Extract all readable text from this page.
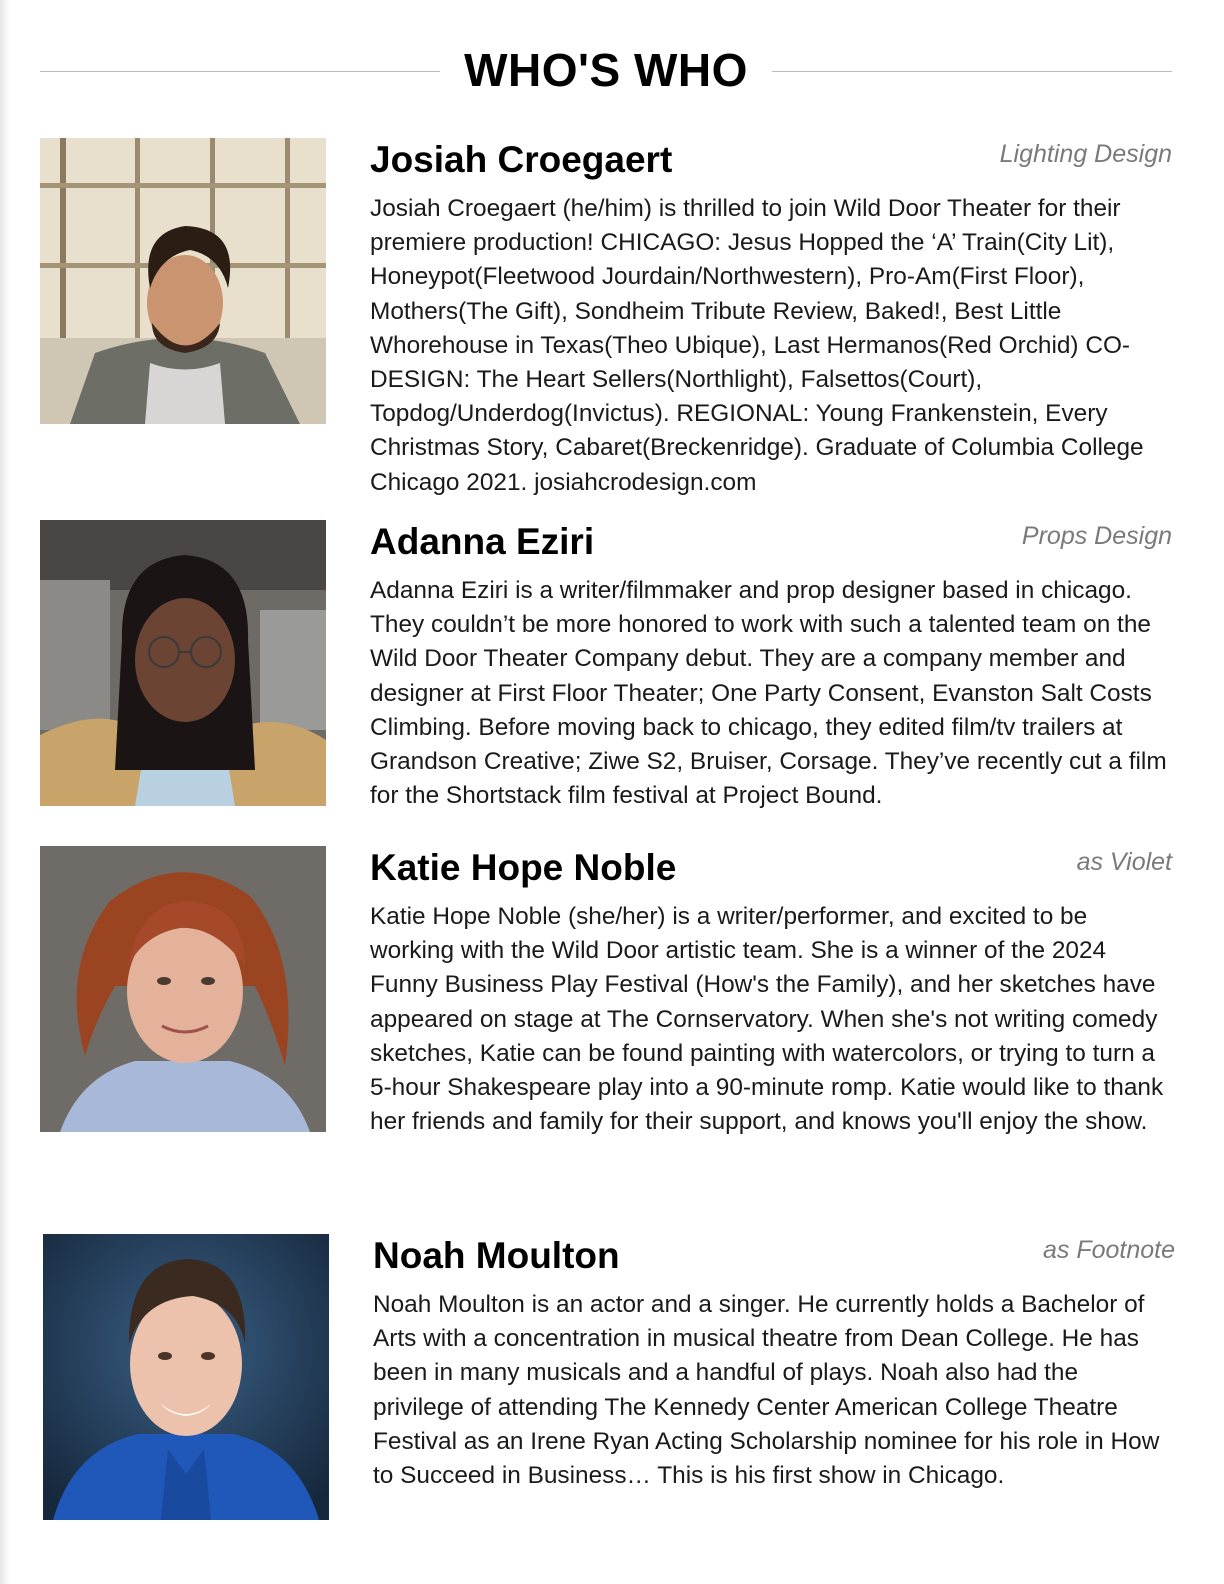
WHO'S WHO

Josiah Croegaert	Lighting Design

Josiah Croegaert (he/him) is thrilled to join Wild Door Theater for their premiere production! CHICAGO: Jesus Hopped the ‘A’ Train(City Lit), Honeypot(Fleetwood Jourdain/Northwestern), Pro-Am(First Floor), Mothers(The Gift), Sondheim Tribute Review, Baked!, Best Little Whorehouse in Texas(Theo Ubique), Last Hermanos(Red Orchid) CO-DESIGN: The Heart Sellers(Northlight), Falsettos(Court), Topdog/Underdog(Invictus). REGIONAL: Young Frankenstein, Every Christmas Story, Cabaret(Breckenridge). Graduate of Columbia College Chicago 2021. josiahcrodesign.com

Adanna Eziri	Props Design

Adanna Eziri is a writer/filmmaker and prop designer based in chicago. They couldn’t be more honored to work with such a talented team on the Wild Door Theater Company debut. They are a company member and designer at First Floor Theater; One Party Consent, Evanston Salt Costs Climbing. Before moving back to chicago, they edited film/tv trailers at Grandson Creative; Ziwe S2, Bruiser, Corsage. They’ve recently cut a film for the Shortstack film festival at Project Bound.

Katie Hope Noble	as Violet

Katie Hope Noble (she/her) is a writer/performer, and excited to be working with the Wild Door artistic team. She is a winner of the 2024 Funny Business Play Festival (How's the Family), and her sketches have appeared on stage at The Cornservatory. When she's not writing comedy sketches, Katie can be found painting with watercolors, or trying to turn a 5-hour Shakespeare play into a 90-minute romp. Katie would like to thank her friends and family for their support, and knows you'll enjoy the show.

Noah Moulton	as Footnote

Noah Moulton is an actor and a singer. He currently holds a Bachelor of Arts with a concentration in musical theatre from Dean College. He has been in many musicals and a handful of plays. Noah also had the privilege of attending The Kennedy Center American College Theatre Festival as an Irene Ryan Acting Scholarship nominee for his role in How to Succeed in Business… This is his first show in Chicago.
